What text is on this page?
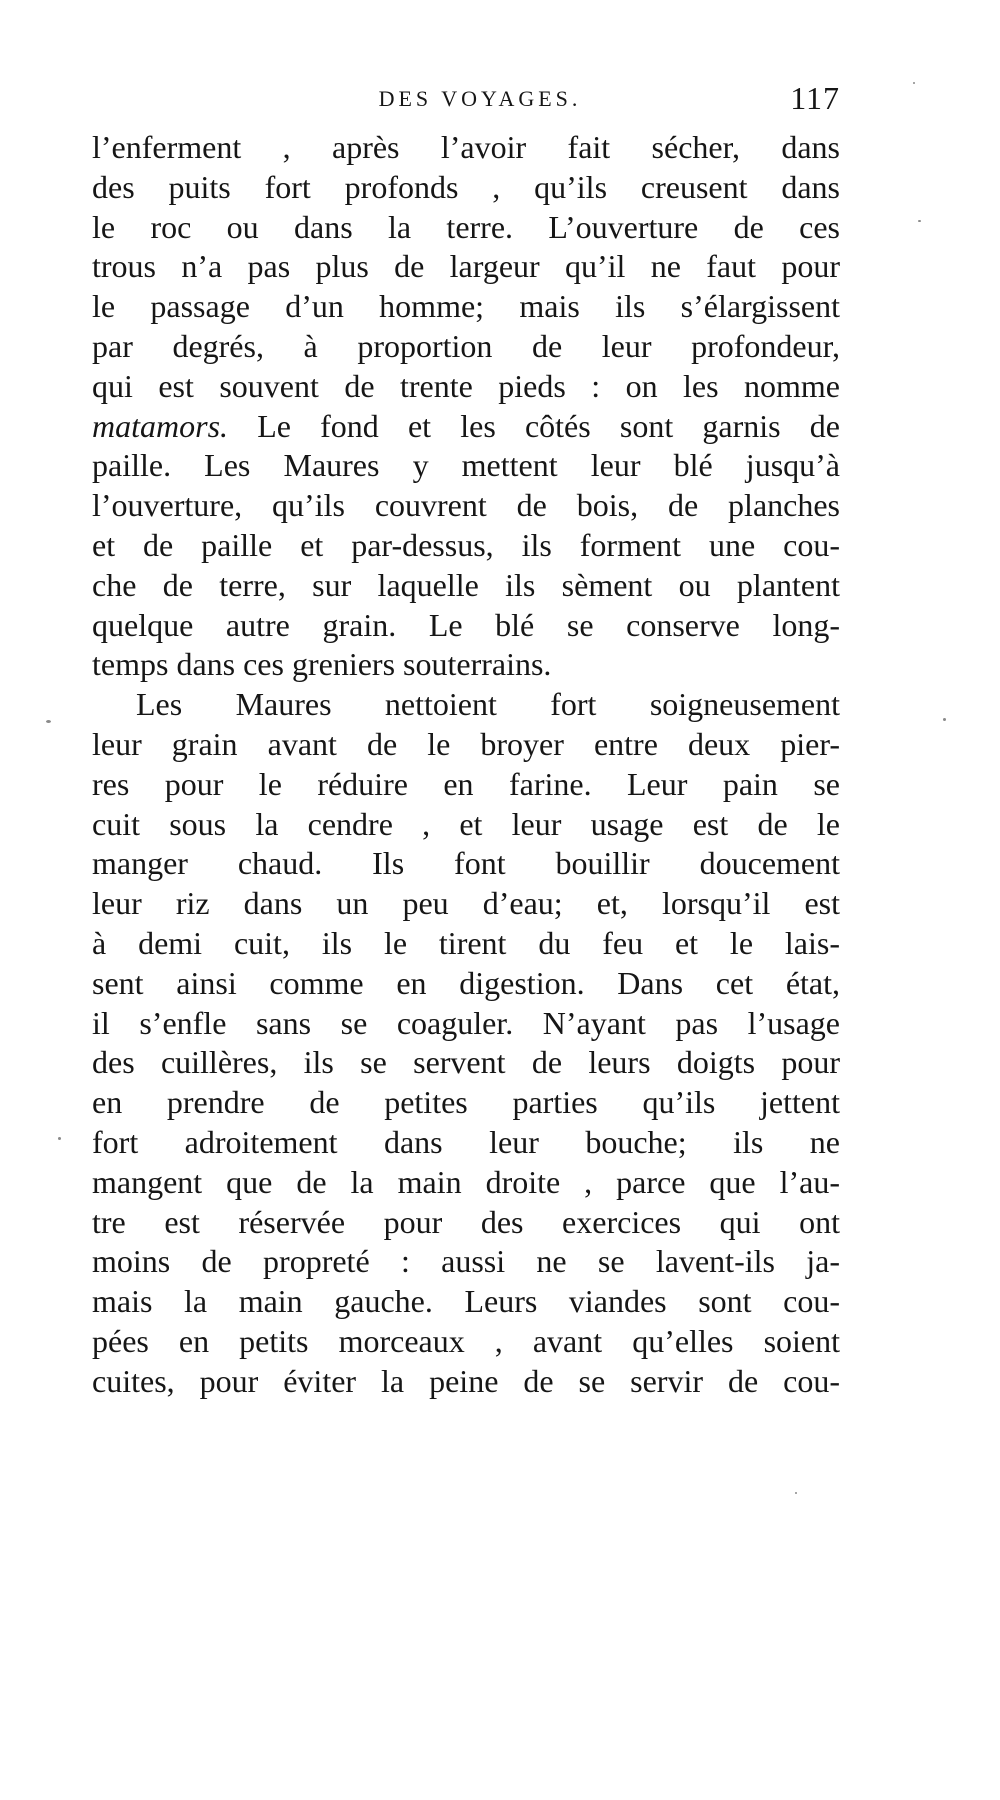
DES VOYAGES.	117
l’enferment , après l’avoir fait sécher, dans
des puits fort profonds , qu’ils creusent dans
le roc ou dans la terre. L’ouverture de ces
trous n’a pas plus de largeur qu’il ne faut pour
le passage d’un homme; mais ils s’élargissent
par degrés, à proportion de leur profondeur,
qui est souvent de trente pieds : on les nomme
matamors. Le fond et les côtés sont garnis de
paille. Les Maures y mettent leur blé jusqu’à
l’ouverture, qu’ils couvrent de bois, de planches
et de paille et par-dessus, ils forment une cou-
che de terre, sur laquelle ils sèment ou plantent
quelque autre grain. Le blé se conserve long-
temps dans ces greniers souterrains.
Les Maures nettoient fort soigneusement
leur grain avant de le broyer entre deux pier-
res pour le réduire en farine. Leur pain se
cuit sous la cendre , et leur usage est de le
manger chaud. Ils font bouillir doucement
leur riz dans un peu d’eau; et, lorsqu’il est
à demi cuit, ils le tirent du feu et le lais-
sent ainsi comme en digestion. Dans cet état,
il s’enfle sans se coaguler. N’ayant pas l’usage
des cuillères, ils se servent de leurs doigts pour
en prendre de petites parties qu’ils jettent
fort adroitement dans leur bouche; ils ne
mangent que de la main droite , parce que l’au-
tre est réservée pour des exercices qui ont
moins de propreté : aussi ne se lavent-ils ja-
mais la main gauche. Leurs viandes sont cou-
pées en petits morceaux , avant qu’elles soient
cuites, pour éviter la peine de se servir de cou-
